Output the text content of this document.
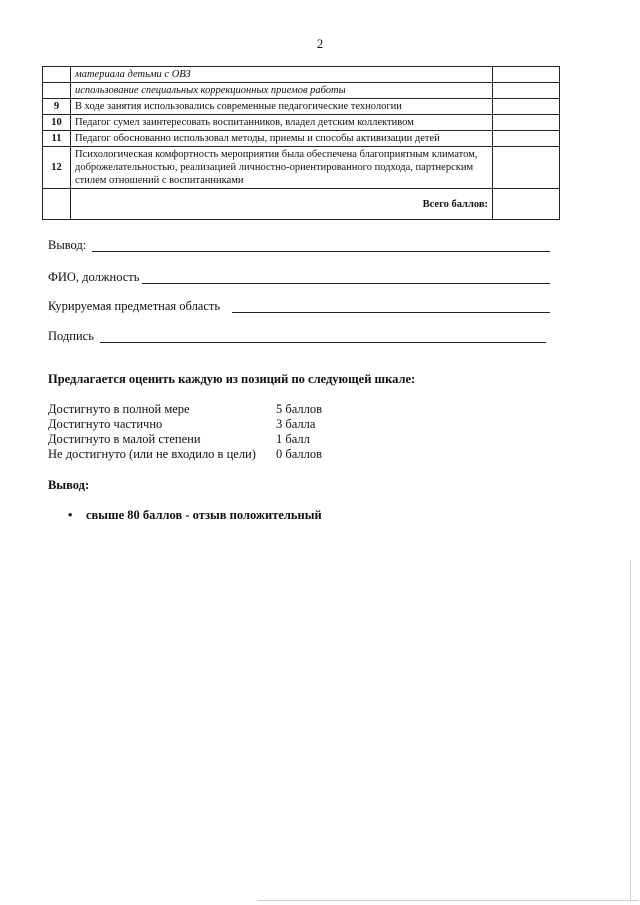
2
	материала детьми с ОВЗ	
	использование специальных коррекционных приемов работы	
9	В ходе занятия использовались современные педагогические технологии	
10	Педагог сумел заинтересовать воспитанников, владел детским коллективом	
11	Педагог обоснованно использовал методы, приемы и способы активизации детей	
12	Психологическая комфортность мероприятия была обеспечена благоприятным климатом, доброжелательностью, реализацией личностно-ориентированного подхода, партнерским стилем отношений с воспитанниками	
	Всего баллов:	
Вывод:
ФИО, должность
Курируемая предметная область
Подпись
Предлагается оценить каждую из позиций по следующей шкале:
Достигнуто в полной мере	5 баллов
Достигнуто частично	3 балла
Достигнуто в малой степени	1 балл
Не достигнуто (или не входило в цели)	0 баллов
Вывод:
• свыше 80 баллов - отзыв положительный
